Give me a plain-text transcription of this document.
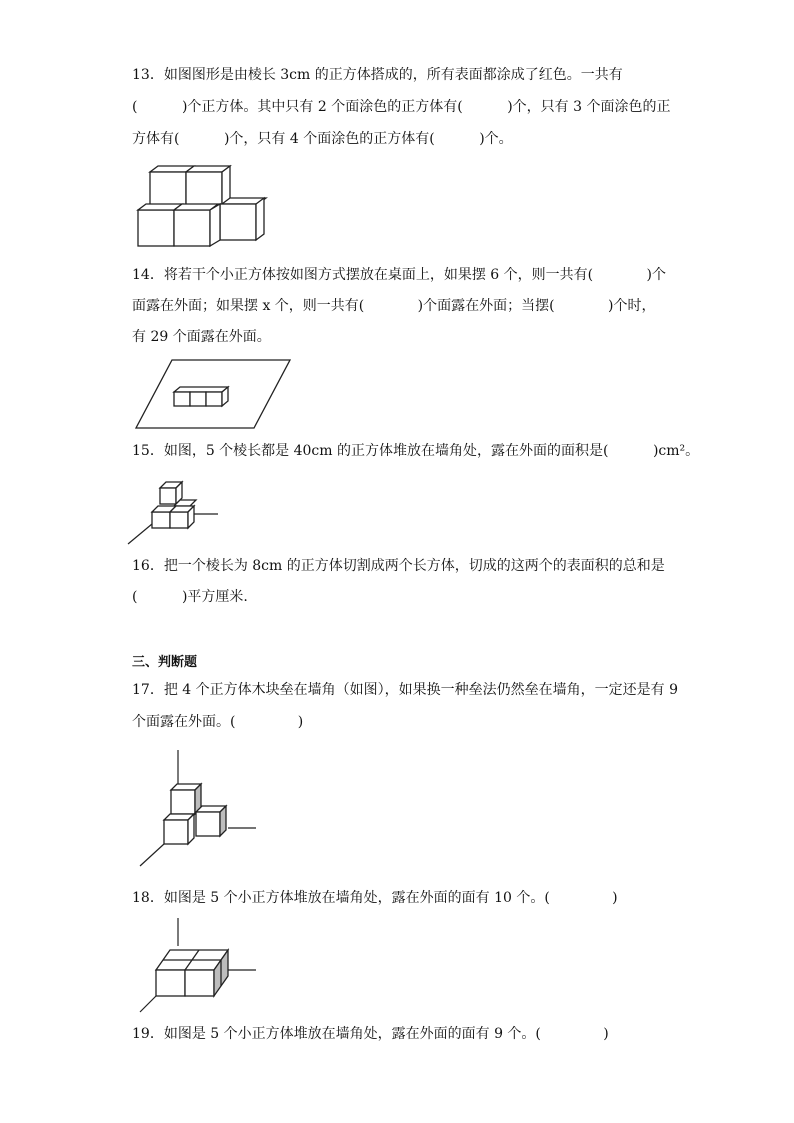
13．如图图形是由棱长 3cm 的正方体搭成的，所有表面都涂成了红色。一共有
(          )个正方体。其中只有 2 个面涂色的正方体有(          )个，只有 3 个面涂色的正
方体有(          )个，只有 4 个面涂色的正方体有(          )个。
14．将若干个小正方体按如图方式摆放在桌面上，如果摆 6 个，则一共有(            )个
面露在外面；如果摆 x 个，则一共有(            )个面露在外面；当摆(            )个时，
有 29 个面露在外面。
15．如图，5 个棱长都是 40cm 的正方体堆放在墙角处，露在外面的面积是(          )cm²。
16．把一个棱长为 8cm 的正方体切割成两个长方体，切成的这两个的表面积的总和是
(          )平方厘米.
三、判断题
17．把 4 个正方体木块垒在墙角（如图），如果换一种垒法仍然垒在墙角，一定还是有 9
个面露在外面。(              )
18．如图是 5 个小正方体堆放在墙角处，露在外面的面有 10 个。(              )
19．如图是 5 个小正方体堆放在墙角处，露在外面的面有 9 个。(              )
